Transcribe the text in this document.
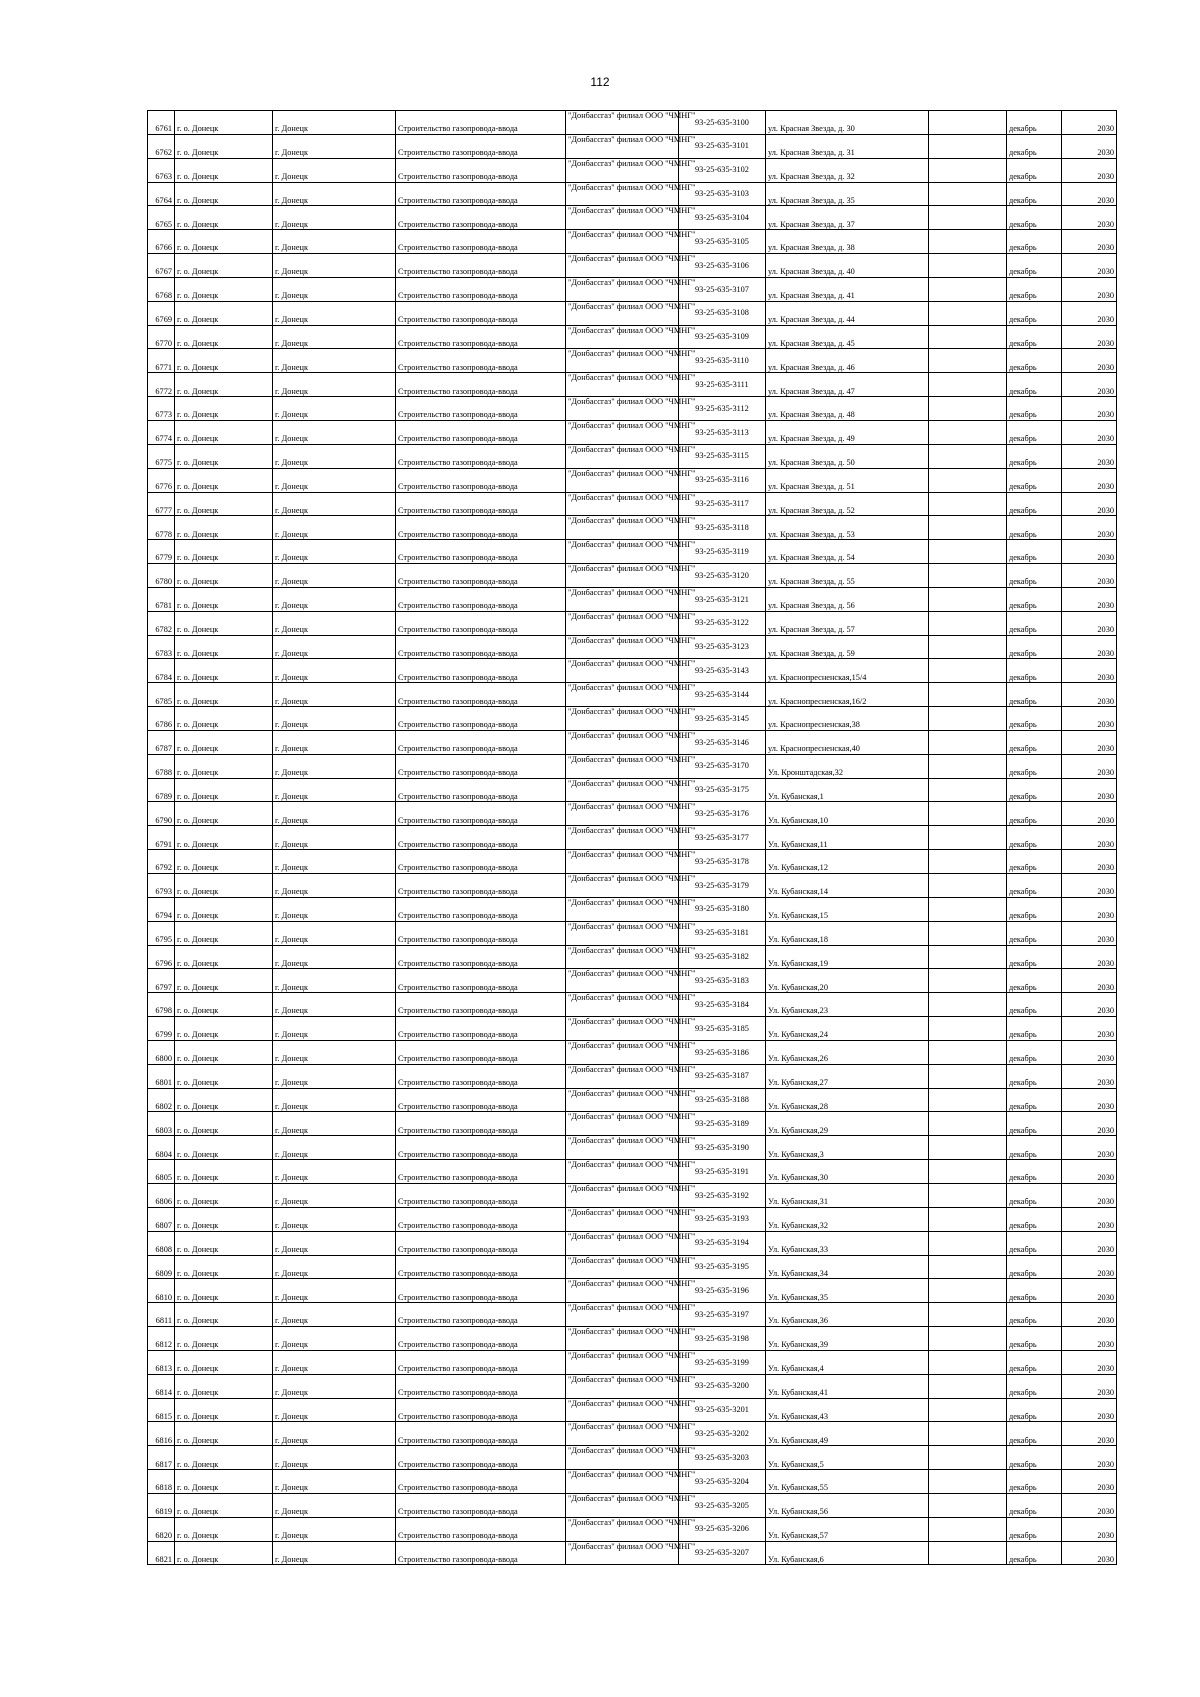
112
6761	г. о. Донецк	г. Донецк	Строительство газопровода-ввода	"Донбассгаз" филиал ООО "ЧМНГ"	93-25-635-3100	ул. Красная Звезда, д. 30		декабрь	2030
6762	г. о. Донецк	г. Донецк	Строительство газопровода-ввода	"Донбассгаз" филиал ООО "ЧМНГ"	93-25-635-3101	ул. Красная Звезда, д. 31		декабрь	2030
6763	г. о. Донецк	г. Донецк	Строительство газопровода-ввода	"Донбассгаз" филиал ООО "ЧМНГ"	93-25-635-3102	ул. Красная Звезда, д. 32		декабрь	2030
6764	г. о. Донецк	г. Донецк	Строительство газопровода-ввода	"Донбассгаз" филиал ООО "ЧМНГ"	93-25-635-3103	ул. Красная Звезда, д. 35		декабрь	2030
6765	г. о. Донецк	г. Донецк	Строительство газопровода-ввода	"Донбассгаз" филиал ООО "ЧМНГ"	93-25-635-3104	ул. Красная Звезда, д. 37		декабрь	2030
6766	г. о. Донецк	г. Донецк	Строительство газопровода-ввода	"Донбассгаз" филиал ООО "ЧМНГ"	93-25-635-3105	ул. Красная Звезда, д. 38		декабрь	2030
6767	г. о. Донецк	г. Донецк	Строительство газопровода-ввода	"Донбассгаз" филиал ООО "ЧМНГ"	93-25-635-3106	ул. Красная Звезда, д. 40		декабрь	2030
6768	г. о. Донецк	г. Донецк	Строительство газопровода-ввода	"Донбассгаз" филиал ООО "ЧМНГ"	93-25-635-3107	ул. Красная Звезда, д. 41		декабрь	2030
6769	г. о. Донецк	г. Донецк	Строительство газопровода-ввода	"Донбассгаз" филиал ООО "ЧМНГ"	93-25-635-3108	ул. Красная Звезда, д. 44		декабрь	2030
6770	г. о. Донецк	г. Донецк	Строительство газопровода-ввода	"Донбассгаз" филиал ООО "ЧМНГ"	93-25-635-3109	ул. Красная Звезда, д. 45		декабрь	2030
6771	г. о. Донецк	г. Донецк	Строительство газопровода-ввода	"Донбассгаз" филиал ООО "ЧМНГ"	93-25-635-3110	ул. Красная Звезда, д. 46		декабрь	2030
6772	г. о. Донецк	г. Донецк	Строительство газопровода-ввода	"Донбассгаз" филиал ООО "ЧМНГ"	93-25-635-3111	ул. Красная Звезда, д. 47		декабрь	2030
6773	г. о. Донецк	г. Донецк	Строительство газопровода-ввода	"Донбассгаз" филиал ООО "ЧМНГ"	93-25-635-3112	ул. Красная Звезда, д. 48		декабрь	2030
6774	г. о. Донецк	г. Донецк	Строительство газопровода-ввода	"Донбассгаз" филиал ООО "ЧМНГ"	93-25-635-3113	ул. Красная Звезда, д. 49		декабрь	2030
6775	г. о. Донецк	г. Донецк	Строительство газопровода-ввода	"Донбассгаз" филиал ООО "ЧМНГ"	93-25-635-3115	ул. Красная Звезда, д. 50		декабрь	2030
6776	г. о. Донецк	г. Донецк	Строительство газопровода-ввода	"Донбассгаз" филиал ООО "ЧМНГ"	93-25-635-3116	ул. Красная Звезда, д. 51		декабрь	2030
6777	г. о. Донецк	г. Донецк	Строительство газопровода-ввода	"Донбассгаз" филиал ООО "ЧМНГ"	93-25-635-3117	ул. Красная Звезда, д. 52		декабрь	2030
6778	г. о. Донецк	г. Донецк	Строительство газопровода-ввода	"Донбассгаз" филиал ООО "ЧМНГ"	93-25-635-3118	ул. Красная Звезда, д. 53		декабрь	2030
6779	г. о. Донецк	г. Донецк	Строительство газопровода-ввода	"Донбассгаз" филиал ООО "ЧМНГ"	93-25-635-3119	ул. Красная Звезда, д. 54		декабрь	2030
6780	г. о. Донецк	г. Донецк	Строительство газопровода-ввода	"Донбассгаз" филиал ООО "ЧМНГ"	93-25-635-3120	ул. Красная Звезда, д. 55		декабрь	2030
6781	г. о. Донецк	г. Донецк	Строительство газопровода-ввода	"Донбассгаз" филиал ООО "ЧМНГ"	93-25-635-3121	ул. Красная Звезда, д. 56		декабрь	2030
6782	г. о. Донецк	г. Донецк	Строительство газопровода-ввода	"Донбассгаз" филиал ООО "ЧМНГ"	93-25-635-3122	ул. Красная Звезда, д. 57		декабрь	2030
6783	г. о. Донецк	г. Донецк	Строительство газопровода-ввода	"Донбассгаз" филиал ООО "ЧМНГ"	93-25-635-3123	ул. Красная Звезда, д. 59		декабрь	2030
6784	г. о. Донецк	г. Донецк	Строительство газопровода-ввода	"Донбассгаз" филиал ООО "ЧМНГ"	93-25-635-3143	ул. Краснопресненская,15/4		декабрь	2030
6785	г. о. Донецк	г. Донецк	Строительство газопровода-ввода	"Донбассгаз" филиал ООО "ЧМНГ"	93-25-635-3144	ул. Краснопресненская,16/2		декабрь	2030
6786	г. о. Донецк	г. Донецк	Строительство газопровода-ввода	"Донбассгаз" филиал ООО "ЧМНГ"	93-25-635-3145	ул. Краснопресненская,38		декабрь	2030
6787	г. о. Донецк	г. Донецк	Строительство газопровода-ввода	"Донбассгаз" филиал ООО "ЧМНГ"	93-25-635-3146	ул. Краснопресненская,40		декабрь	2030
6788	г. о. Донецк	г. Донецк	Строительство газопровода-ввода	"Донбассгаз" филиал ООО "ЧМНГ"	93-25-635-3170	Ул. Кронштадская,32		декабрь	2030
6789	г. о. Донецк	г. Донецк	Строительство газопровода-ввода	"Донбассгаз" филиал ООО "ЧМНГ"	93-25-635-3175	Ул. Кубанская,1		декабрь	2030
6790	г. о. Донецк	г. Донецк	Строительство газопровода-ввода	"Донбассгаз" филиал ООО "ЧМНГ"	93-25-635-3176	Ул. Кубанская,10		декабрь	2030
6791	г. о. Донецк	г. Донецк	Строительство газопровода-ввода	"Донбассгаз" филиал ООО "ЧМНГ"	93-25-635-3177	Ул. Кубанская,11		декабрь	2030
6792	г. о. Донецк	г. Донецк	Строительство газопровода-ввода	"Донбассгаз" филиал ООО "ЧМНГ"	93-25-635-3178	Ул. Кубанская,12		декабрь	2030
6793	г. о. Донецк	г. Донецк	Строительство газопровода-ввода	"Донбассгаз" филиал ООО "ЧМНГ"	93-25-635-3179	Ул. Кубанская,14		декабрь	2030
6794	г. о. Донецк	г. Донецк	Строительство газопровода-ввода	"Донбассгаз" филиал ООО "ЧМНГ"	93-25-635-3180	Ул. Кубанская,15		декабрь	2030
6795	г. о. Донецк	г. Донецк	Строительство газопровода-ввода	"Донбассгаз" филиал ООО "ЧМНГ"	93-25-635-3181	Ул. Кубанская,18		декабрь	2030
6796	г. о. Донецк	г. Донецк	Строительство газопровода-ввода	"Донбассгаз" филиал ООО "ЧМНГ"	93-25-635-3182	Ул. Кубанская,19		декабрь	2030
6797	г. о. Донецк	г. Донецк	Строительство газопровода-ввода	"Донбассгаз" филиал ООО "ЧМНГ"	93-25-635-3183	Ул. Кубанская,20		декабрь	2030
6798	г. о. Донецк	г. Донецк	Строительство газопровода-ввода	"Донбассгаз" филиал ООО "ЧМНГ"	93-25-635-3184	Ул. Кубанская,23		декабрь	2030
6799	г. о. Донецк	г. Донецк	Строительство газопровода-ввода	"Донбассгаз" филиал ООО "ЧМНГ"	93-25-635-3185	Ул. Кубанская,24		декабрь	2030
6800	г. о. Донецк	г. Донецк	Строительство газопровода-ввода	"Донбассгаз" филиал ООО "ЧМНГ"	93-25-635-3186	Ул. Кубанская,26		декабрь	2030
6801	г. о. Донецк	г. Донецк	Строительство газопровода-ввода	"Донбассгаз" филиал ООО "ЧМНГ"	93-25-635-3187	Ул. Кубанская,27		декабрь	2030
6802	г. о. Донецк	г. Донецк	Строительство газопровода-ввода	"Донбассгаз" филиал ООО "ЧМНГ"	93-25-635-3188	Ул. Кубанская,28		декабрь	2030
6803	г. о. Донецк	г. Донецк	Строительство газопровода-ввода	"Донбассгаз" филиал ООО "ЧМНГ"	93-25-635-3189	Ул. Кубанская,29		декабрь	2030
6804	г. о. Донецк	г. Донецк	Строительство газопровода-ввода	"Донбассгаз" филиал ООО "ЧМНГ"	93-25-635-3190	Ул. Кубанская,3		декабрь	2030
6805	г. о. Донецк	г. Донецк	Строительство газопровода-ввода	"Донбассгаз" филиал ООО "ЧМНГ"	93-25-635-3191	Ул. Кубанская,30		декабрь	2030
6806	г. о. Донецк	г. Донецк	Строительство газопровода-ввода	"Донбассгаз" филиал ООО "ЧМНГ"	93-25-635-3192	Ул. Кубанская,31		декабрь	2030
6807	г. о. Донецк	г. Донецк	Строительство газопровода-ввода	"Донбассгаз" филиал ООО "ЧМНГ"	93-25-635-3193	Ул. Кубанская,32		декабрь	2030
6808	г. о. Донецк	г. Донецк	Строительство газопровода-ввода	"Донбассгаз" филиал ООО "ЧМНГ"	93-25-635-3194	Ул. Кубанская,33		декабрь	2030
6809	г. о. Донецк	г. Донецк	Строительство газопровода-ввода	"Донбассгаз" филиал ООО "ЧМНГ"	93-25-635-3195	Ул. Кубанская,34		декабрь	2030
6810	г. о. Донецк	г. Донецк	Строительство газопровода-ввода	"Донбассгаз" филиал ООО "ЧМНГ"	93-25-635-3196	Ул. Кубанская,35		декабрь	2030
6811	г. о. Донецк	г. Донецк	Строительство газопровода-ввода	"Донбассгаз" филиал ООО "ЧМНГ"	93-25-635-3197	Ул. Кубанская,36		декабрь	2030
6812	г. о. Донецк	г. Донецк	Строительство газопровода-ввода	"Донбассгаз" филиал ООО "ЧМНГ"	93-25-635-3198	Ул. Кубанская,39		декабрь	2030
6813	г. о. Донецк	г. Донецк	Строительство газопровода-ввода	"Донбассгаз" филиал ООО "ЧМНГ"	93-25-635-3199	Ул. Кубанская,4		декабрь	2030
6814	г. о. Донецк	г. Донецк	Строительство газопровода-ввода	"Донбассгаз" филиал ООО "ЧМНГ"	93-25-635-3200	Ул. Кубанская,41		декабрь	2030
6815	г. о. Донецк	г. Донецк	Строительство газопровода-ввода	"Донбассгаз" филиал ООО "ЧМНГ"	93-25-635-3201	Ул. Кубанская,43		декабрь	2030
6816	г. о. Донецк	г. Донецк	Строительство газопровода-ввода	"Донбассгаз" филиал ООО "ЧМНГ"	93-25-635-3202	Ул. Кубанская,49		декабрь	2030
6817	г. о. Донецк	г. Донецк	Строительство газопровода-ввода	"Донбассгаз" филиал ООО "ЧМНГ"	93-25-635-3203	Ул. Кубанская,5		декабрь	2030
6818	г. о. Донецк	г. Донецк	Строительство газопровода-ввода	"Донбассгаз" филиал ООО "ЧМНГ"	93-25-635-3204	Ул. Кубанская,55		декабрь	2030
6819	г. о. Донецк	г. Донецк	Строительство газопровода-ввода	"Донбассгаз" филиал ООО "ЧМНГ"	93-25-635-3205	Ул. Кубанская,56		декабрь	2030
6820	г. о. Донецк	г. Донецк	Строительство газопровода-ввода	"Донбассгаз" филиал ООО "ЧМНГ"	93-25-635-3206	Ул. Кубанская,57		декабрь	2030
6821	г. о. Донецк	г. Донецк	Строительство газопровода-ввода	"Донбассгаз" филиал ООО "ЧМНГ"	93-25-635-3207	Ул. Кубанская,6		декабрь	2030
